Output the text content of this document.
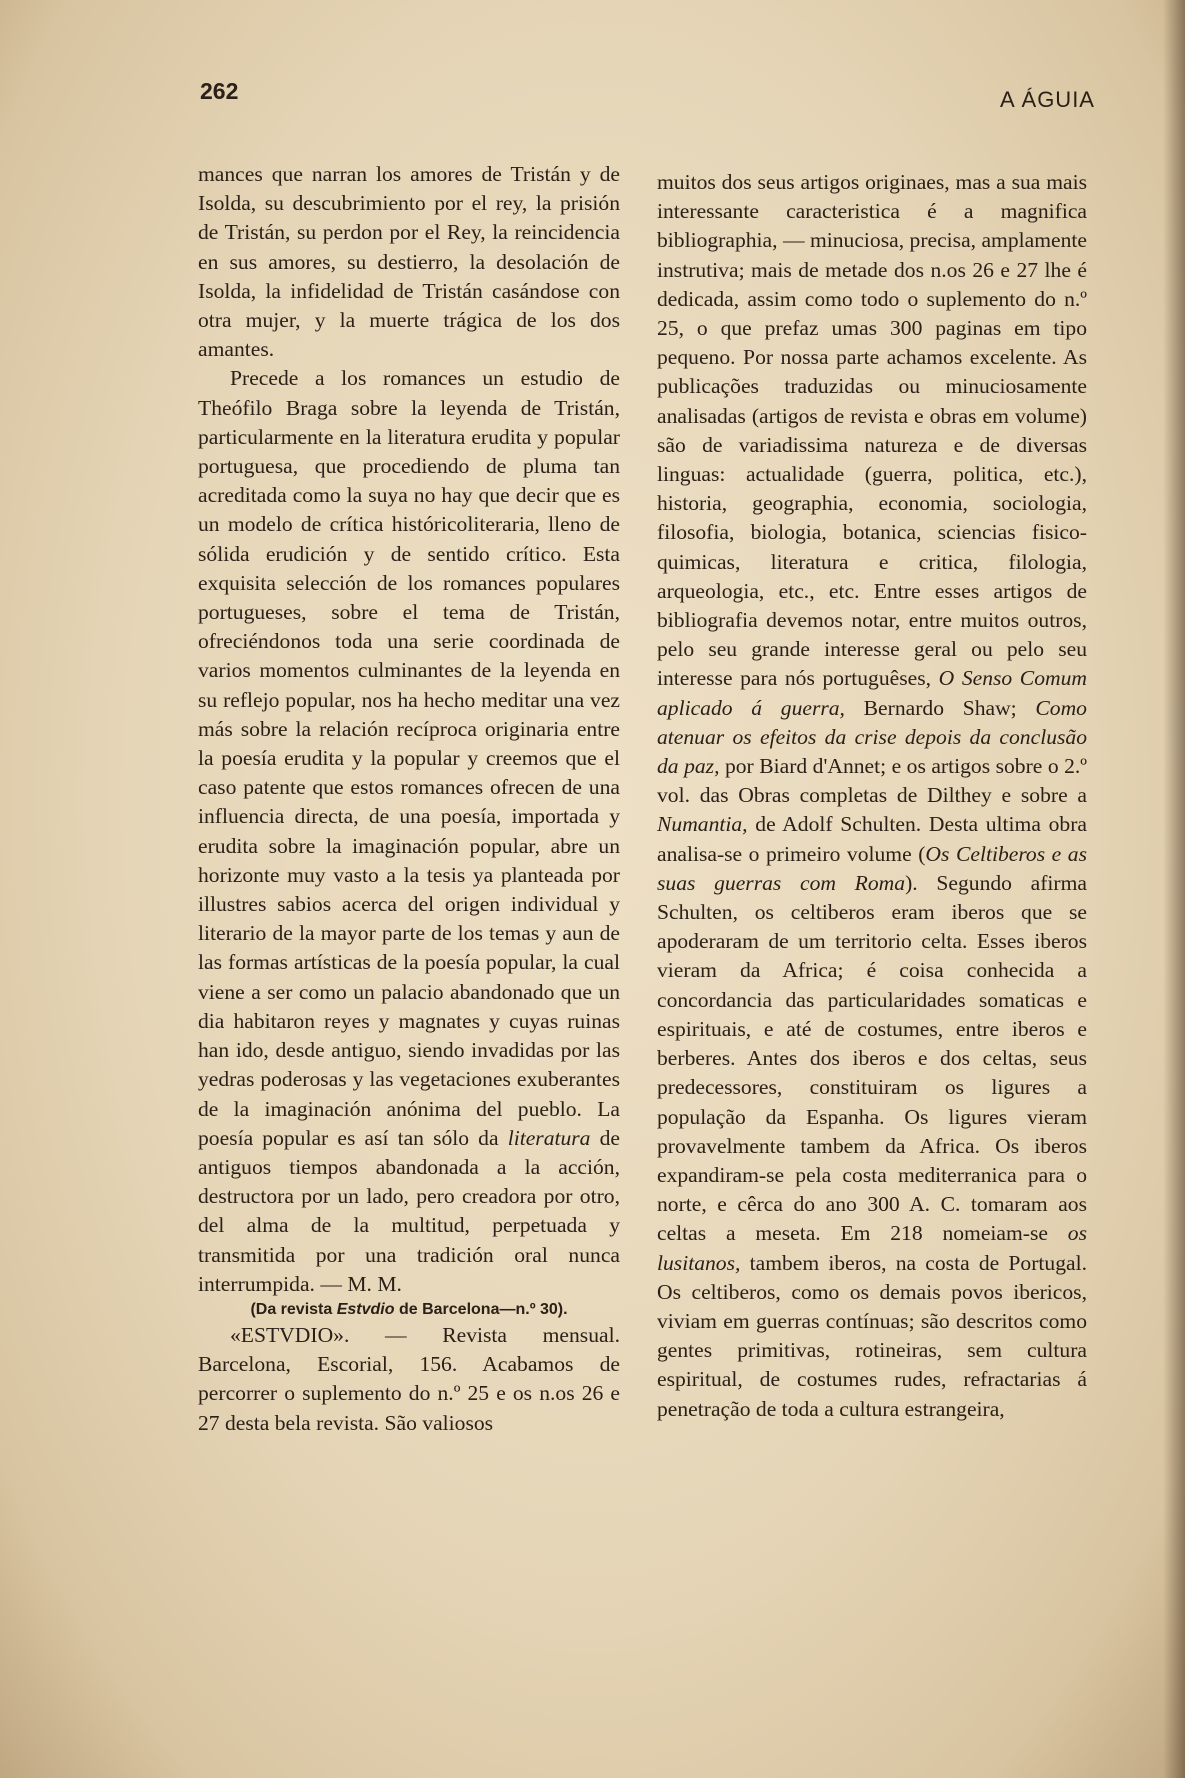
262	A ÁGUIA

mances que narran los amores de Tristán y de Isolda, su descubrimiento por el rey, la prisión de Tristán, su perdon por el Rey, la reincidencia en sus amores, su destierro, la desolación de Isolda, la infidelidad de Tristán casándose con otra mujer, y la muerte trágica de los dos amantes.

Precede a los romances un estudio de Theófilo Braga sobre la leyenda de Tristán, particularmente en la literatura erudita y popular portuguesa, que procediendo de pluma tan acreditada como la suya no hay que decir que es un modelo de crítica históricoliteraria, lleno de sólida erudición y de sentido crítico. Esta exquisita selección de los romances populares portugueses, sobre el tema de Tristán, ofreciéndonos toda una serie coordinada de varios momentos culminantes de la leyenda en su reflejo popular, nos ha hecho meditar una vez más sobre la relación recíproca originaria entre la poesía erudita y la popular y creemos que el caso patente que estos romances ofrecen de una influencia directa, de una poesía, importada y erudita sobre la imaginación popular, abre un horizonte muy vasto a la tesis ya planteada por illustres sabios acerca del origen individual y literario de la mayor parte de los temas y aun de las formas artísticas de la poesía popular, la cual viene a ser como un palacio abandonado que un dia habitaron reyes y magnates y cuyas ruinas han ido, desde antiguo, siendo invadidas por las yedras poderosas y las vegetaciones exuberantes de la imaginación anónima del pueblo. La poesía popular es así tan sólo da literatura de antiguos tiempos abandonada a la acción, destructora por un lado, pero creadora por otro, del alma de la multitud, perpetuada y transmitida por una tradición oral nunca interrumpida. — M. M.

(Da revista Estvdio de Barcelona—n.º 30).

«ESTVDIO». — Revista mensual. Barcelona, Escorial, 156. Acabamos de percorrer o suplemento do n.º 25 e os n.os 26 e 27 desta bela revista. São valiosos

muitos dos seus artigos originaes, mas a sua mais interessante caracteristica é a magnifica bibliographia, — minuciosa, precisa, amplamente instrutiva; mais de metade dos n.os 26 e 27 lhe é dedicada, assim como todo o suplemento do n.º 25, o que prefaz umas 300 paginas em tipo pequeno. Por nossa parte achamos excelente. As publicações traduzidas ou minuciosamente analisadas (artigos de revista e obras em volume) são de variadissima natureza e de diversas linguas: actualidade (guerra, politica, etc.), historia, geographia, economia, sociologia, filosofia, biologia, botanica, sciencias fisico-quimicas, literatura e critica, filologia, arqueologia, etc., etc. Entre esses artigos de bibliografia devemos notar, entre muitos outros, pelo seu grande interesse geral ou pelo seu interesse para nós portuguêses, O Senso Comum aplicado á guerra, Bernardo Shaw; Como atenuar os efeitos da crise depois da conclusão da paz, por Biard d'Annet; e os artigos sobre o 2.º vol. das Obras completas de Dilthey e sobre a Numantia, de Adolf Schulten. Desta ultima obra analisa-se o primeiro volume (Os Celtiberos e as suas guerras com Roma). Segundo afirma Schulten, os celtiberos eram iberos que se apoderaram de um territorio celta. Esses iberos vieram da Africa; é coisa conhecida a concordancia das particularidades somaticas e espirituais, e até de costumes, entre iberos e berberes. Antes dos iberos e dos celtas, seus predecessores, constituiram os ligures a população da Espanha. Os ligures vieram provavelmente tambem da Africa. Os iberos expandiram-se pela costa mediterranica para o norte, e cêrca do ano 300 A. C. tomaram aos celtas a meseta. Em 218 nomeiam-se os lusitanos, tambem iberos, na costa de Portugal. Os celtiberos, como os demais povos ibericos, viviam em guerras contínuas; são descritos como gentes primitivas, rotineiras, sem cultura espiritual, de costumes rudes, refractarias á penetração de toda a cultura estrangeira,
